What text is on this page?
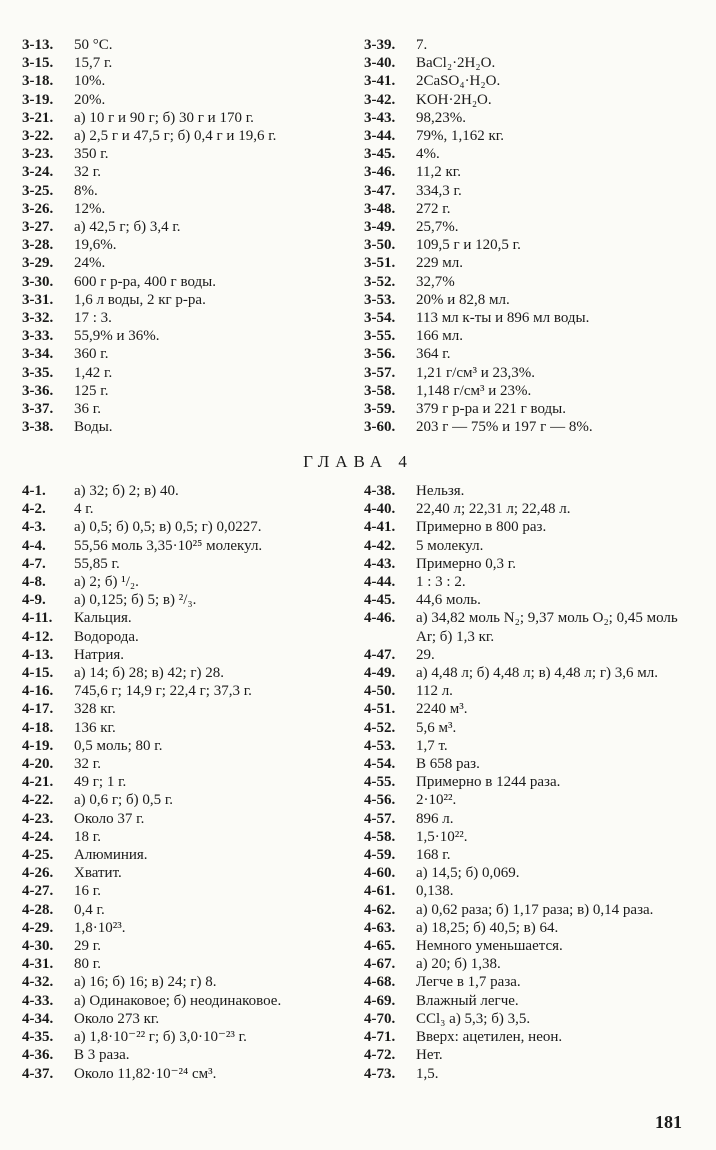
3-13. 50 °C.
3-15. 15,7 г.
3-18. 10%.
3-19. 20%.
3-21. а) 10 г и 90 г; б) 30 г и 170 г.
3-22. а) 2,5 г и 47,5 г; б) 0,4 г и 19,6 г.
3-23. 350 г.
3-24. 32 г.
3-25. 8%.
3-26. 12%.
3-27. а) 42,5 г; б) 3,4 г.
3-28. 19,6%.
3-29. 24%.
3-30. 600 г р-ра, 400 г воды.
3-31. 1,6 л воды, 2 кг р-ра.
3-32. 17 : 3.
3-33. 55,9% и 36%.
3-34. 360 г.
3-35. 1,42 г.
3-36. 125 г.
3-37. 36 г.
3-38. Воды.
3-39. 7.
3-40. BaCl₂·2H₂O.
3-41. 2CaSO₄·H₂O.
3-42. KOH·2H₂O.
3-43. 98,23%.
3-44. 79%, 1,162 кг.
3-45. 4%.
3-46. 11,2 кг.
3-47. 334,3 г.
3-48. 272 г.
3-49. 25,7%.
3-50. 109,5 г и 120,5 г.
3-51. 229 мл.
3-52. 32,7%
3-53. 20% и 82,8 мл.
3-54. 113 мл к-ты и 896 мл воды.
3-55. 166 мл.
3-56. 364 г.
3-57. 1,21 г/см³ и 23,3%.
3-58. 1,148 г/см³ и 23%.
3-59. 379 г р-ра и 221 г воды.
3-60. 203 г — 75% и 197 г — 8%.
ГЛАВА 4
4-1. а) 32; б) 2; в) 40.
4-2. 4 г.
4-3. а) 0,5; б) 0,5; в) 0,5; г) 0,0227.
4-4. 55,56 моль 3,35·10²⁵ молекул.
4-7. 55,85 г.
4-8. а) 2; б) ¹/₂.
4-9. а) 0,125; б) 5; в) ²/₃.
4-11. Кальция.
4-12. Водорода.
4-13. Натрия.
4-15. а) 14; б) 28; в) 42; г) 28.
4-16. 745,6 г; 14,9 г; 22,4 г; 37,3 г.
4-17. 328 кг.
4-18. 136 кг.
4-19. 0,5 моль; 80 г.
4-20. 32 г.
4-21. 49 г; 1 г.
4-22. а) 0,6 г; б) 0,5 г.
4-23. Около 37 г.
4-24. 18 г.
4-25. Алюминия.
4-26. Хватит.
4-27. 16 г.
4-28. 0,4 г.
4-29. 1,8·10²³.
4-30. 29 г.
4-31. 80 г.
4-32. а) 16; б) 16; в) 24; г) 8.
4-33. а) Одинаковое; б) неодинаковое.
4-34. Около 273 кг.
4-35. а) 1,8·10⁻²² г; б) 3,0·10⁻²³ г.
4-36. В 3 раза.
4-37. Около 11,82·10⁻²⁴ см³.
4-38. Нельзя.
4-40. 22,40 л; 22,31 л; 22,48 л.
4-41. Примерно в 800 раз.
4-42. 5 молекул.
4-43. Примерно 0,3 г.
4-44. 1 : 3 : 2.
4-45. 44,6 моль.
4-46. а) 34,82 моль N₂; 9,37 моль O₂; 0,45 моль Ar; б) 1,3 кг.
4-47. 29.
4-49. а) 4,48 л; б) 4,48 л; в) 4,48 л; г) 3,6 мл.
4-50. 112 л.
4-51. 2240 м³.
4-52. 5,6 м³.
4-53. 1,7 т.
4-54. В 658 раз.
4-55. Примерно в 1244 раза.
4-56. 2·10²².
4-57. 896 л.
4-58. 1,5·10²².
4-59. 168 г.
4-60. а) 14,5; б) 0,069.
4-61. 0,138.
4-62. а) 0,62 раза; б) 1,17 раза; в) 0,14 раза.
4-63. а) 18,25; б) 40,5; в) 64.
4-65. Немного уменьшается.
4-67. а) 20; б) 1,38.
4-68. Легче в 1,7 раза.
4-69. Влажный легче.
4-70. CCl₃ а) 5,3; б) 3,5.
4-71. Вверх: ацетилен, неон.
4-72. Нет.
4-73. 1,5.
181
